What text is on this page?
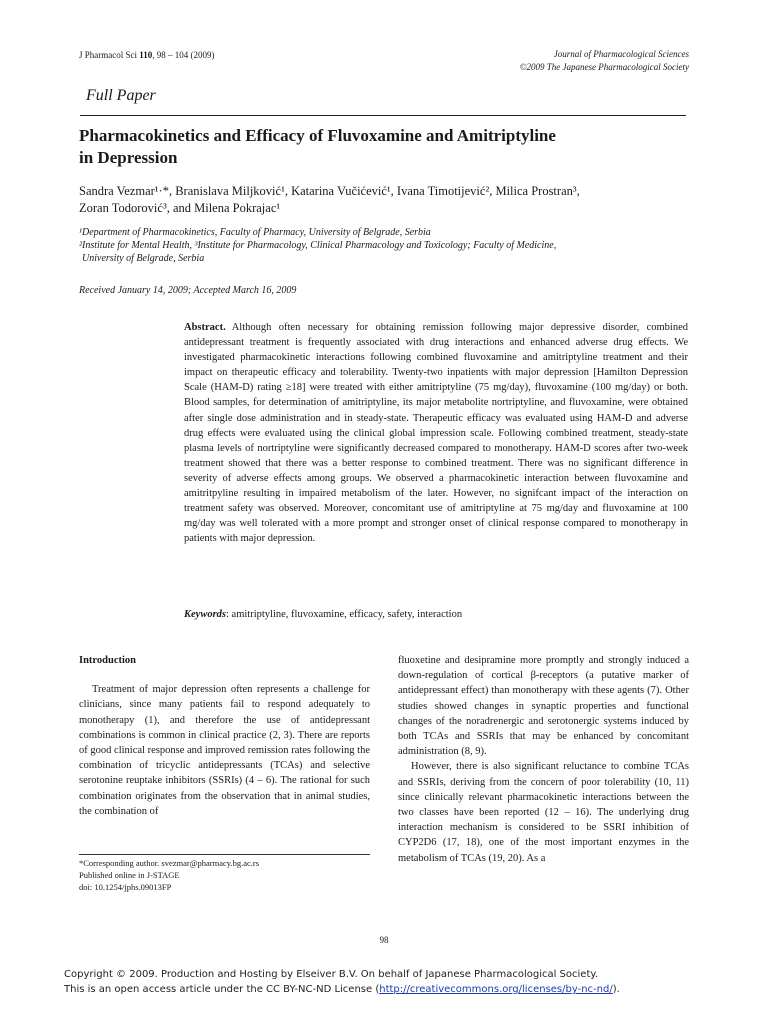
J Pharmacol Sci 110, 98 – 104 (2009)	Journal of Pharmacological Sciences
©2009 The Japanese Pharmacological Society
Full Paper
Pharmacokinetics and Efficacy of Fluvoxamine and Amitriptyline
in Depression
Sandra Vezmar¹·*, Branislava Miljković¹, Katarina Vučićević¹, Ivana Timotijević², Milica Prostran³,
Zoran Todorović³, and Milena Pokrajac¹
¹Department of Pharmacokinetics, Faculty of Pharmacy, University of Belgrade, Serbia
²Institute for Mental Health, ³Institute for Pharmacology, Clinical Pharmacology and Toxicology; Faculty of Medicine,
University of Belgrade, Serbia
Received January 14, 2009; Accepted March 16, 2009
Abstract. Although often necessary for obtaining remission following major depressive disorder, combined antidepressant treatment is frequently associated with drug interactions and enhanced adverse drug effects. We investigated pharmacokinetic interactions following combined fluvoxamine and amitriptyline treatment and their impact on therapeutic efficacy and tolerability. Twenty-two inpatients with major depression [Hamilton Depression Scale (HAM-D) rating ≥18] were treated with either amitriptyline (75 mg/day), fluvoxamine (100 mg/day) or both. Blood samples, for determination of amitriptyline, its major metabolite nortriptyline, and fluvoxamine, were obtained after single dose administration and in steady-state. Therapeutic efficacy was evaluated using HAM-D and adverse drug effects were evaluated using the clinical global impression scale. Following combined treatment, steady-state plasma levels of nortriptyline were significantly decreased compared to monotherapy. HAM-D scores after two-week treatment showed that there was a better response to combined treatment. There was no significant difference in severity of adverse effects among groups. We observed a pharmacokinetic interaction between fluvoxamine and amitritpyline resulting in impaired metabolism of the later. However, no signifcant impact of the interaction on treatment safety was observed. Moreover, concomitant use of amitriptyline at 75 mg/day and fluvoxamine at 100 mg/day was well tolerated with a more prompt and stronger onset of clinical response compared to monotherapy in patients with major depression.
Keywords: amitriptyline, fluvoxamine, efficacy, safety, interaction
Introduction

Treatment of major depression often represents a challenge for clinicians, since many patients fail to respond adequately to monotherapy (1), and therefore the use of antidepressant combinations is common in clinical practice (2, 3). There are reports of good clinical response and improved remission rates following the combination of tricyclic antidepressants (TCAs) and selective serotonine reuptake inhibitors (SSRIs) (4 – 6). The rational for such combination originates from the observation that in animal studies, the combination of

fluoxetine and desipramine more promptly and strongly induced a down-regulation of cortical β-receptors (a putative marker of antidepressant effect) than monotherapy with these agents (7). Other studies showed changes in synaptic properties and functional changes of the noradrenergic and serotonergic systems induced by both TCAs and SSRIs that may be enhanced by concomitant administration (8, 9).

However, there is also significant reluctance to combine TCAs and SSRIs, deriving from the concern of poor tolerability (10, 11) since clinically relevant pharmacokinetic interactions between the two classes have been reported (12 – 16). The underlying drug interaction mechanism is considered to be SSRI inhibition of CYP2D6 (17, 18), one of the most important enzymes in the metabolism of TCAs (19, 20). As a

*Corresponding author. svezmar@pharmacy.bg.ac.rs
Published online in J-STAGE
doi: 10.1254/jphs.09013FP
98
Copyright © 2009. Production and Hosting by Elseiver B.V. On behalf of Japanese Pharmacological Society.
This is an open access article under the CC BY-NC-ND License (http://creativecommons.org/licenses/by-nc-nd/).
